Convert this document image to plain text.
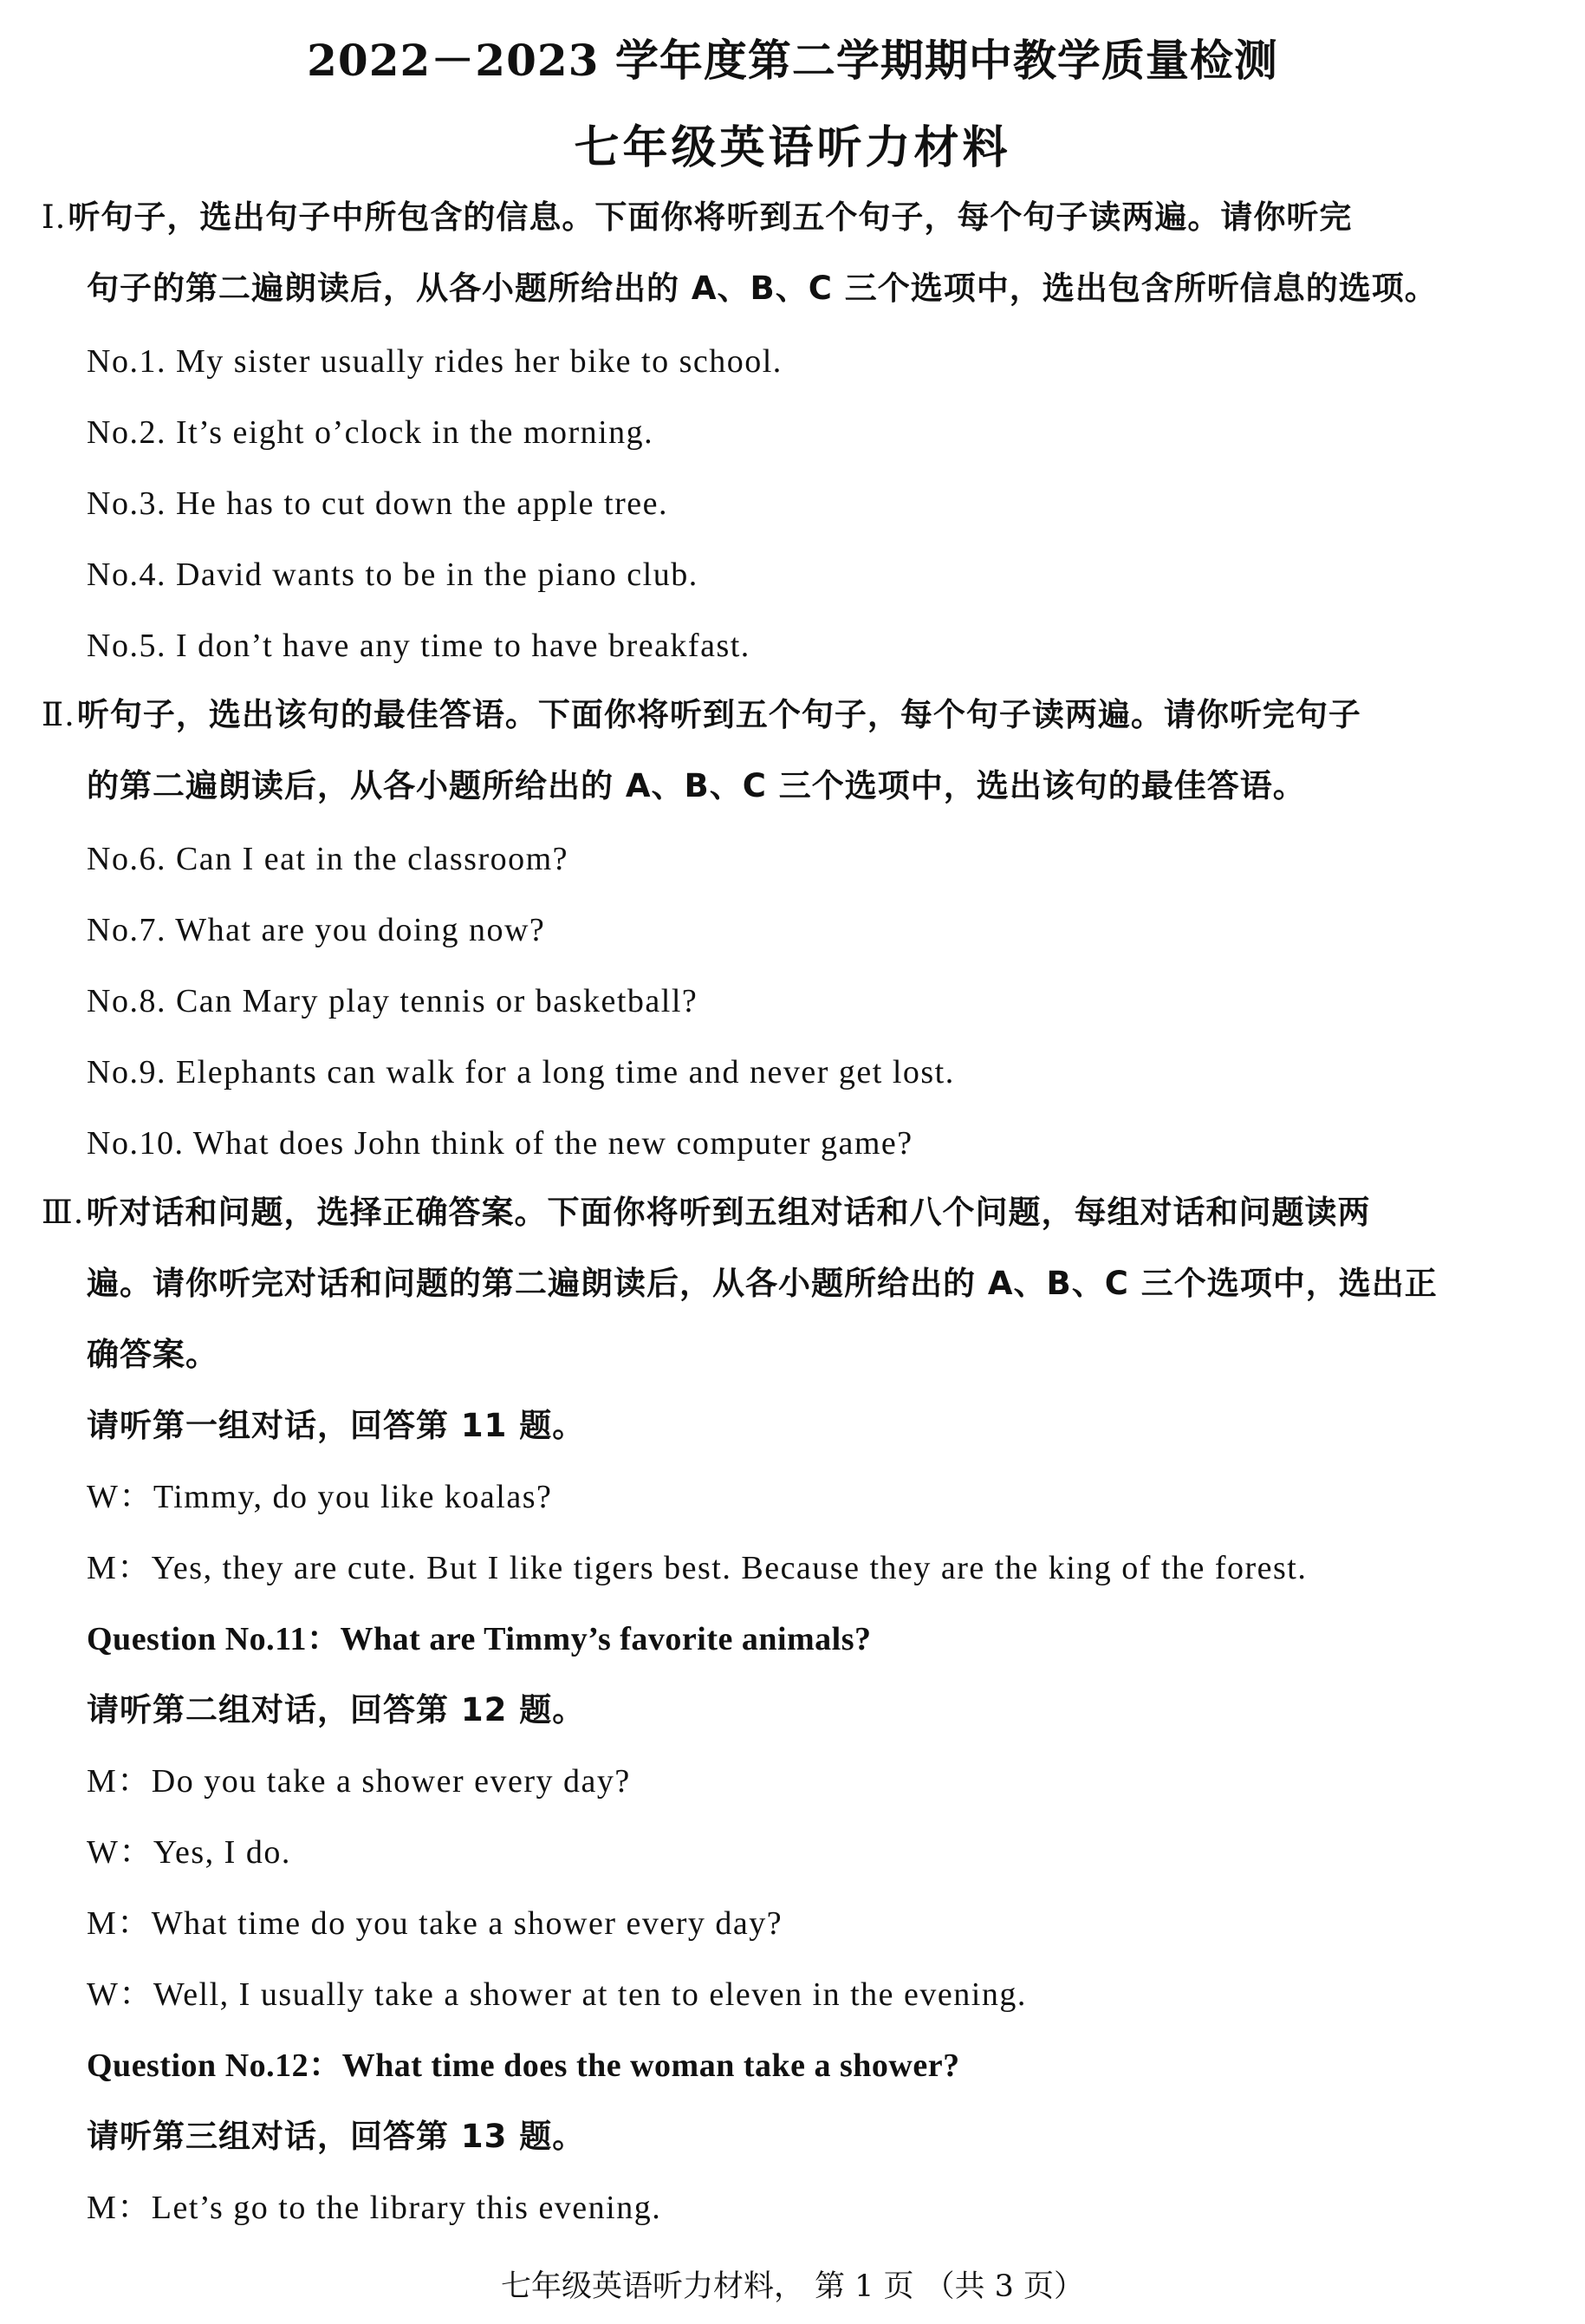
2022－2023 学年度第二学期期中教学质量检测
七年级英语听力材料
Ⅰ.听句子，选出句子中所包含的信息。下面你将听到五个句子，每个句子读两遍。请你听完
句子的第二遍朗读后，从各小题所给出的 A、B、C 三个选项中，选出包含所听信息的选项。
No.1. My sister usually rides her bike to school.
No.2. It’s eight o’clock in the morning.
No.3. He has to cut down the apple tree.
No.4. David wants to be in the piano club.
No.5. I don’t have any time to have breakfast.
Ⅱ.听句子，选出该句的最佳答语。下面你将听到五个句子，每个句子读两遍。请你听完句子
的第二遍朗读后，从各小题所给出的 A、B、C 三个选项中，选出该句的最佳答语。
No.6. Can I eat in the classroom?
No.7. What are you doing now?
No.8. Can Mary play tennis or basketball?
No.9. Elephants can walk for a long time and never get lost.
No.10. What does John think of the new computer game?
Ⅲ.听对话和问题，选择正确答案。下面你将听到五组对话和八个问题，每组对话和问题读两
遍。请你听完对话和问题的第二遍朗读后，从各小题所给出的 A、B、C 三个选项中，选出正
确答案。
请听第一组对话，回答第 11 题。
W：Timmy, do you like koalas?
M：Yes, they are cute. But I like tigers best. Because they are the king of the forest.
Question No.11：What are Timmy’s favorite animals?
请听第二组对话，回答第 12 题。
M：Do you take a shower every day?
W：Yes, I do.
M：What time do you take a shower every day?
W：Well, I usually take a shower at ten to eleven in the evening.
Question No.12：What time does the woman take a shower?
请听第三组对话，回答第 13 题。
M：Let’s go to the library this evening.
七年级英语听力材料， 第 1 页 （共 3 页）
